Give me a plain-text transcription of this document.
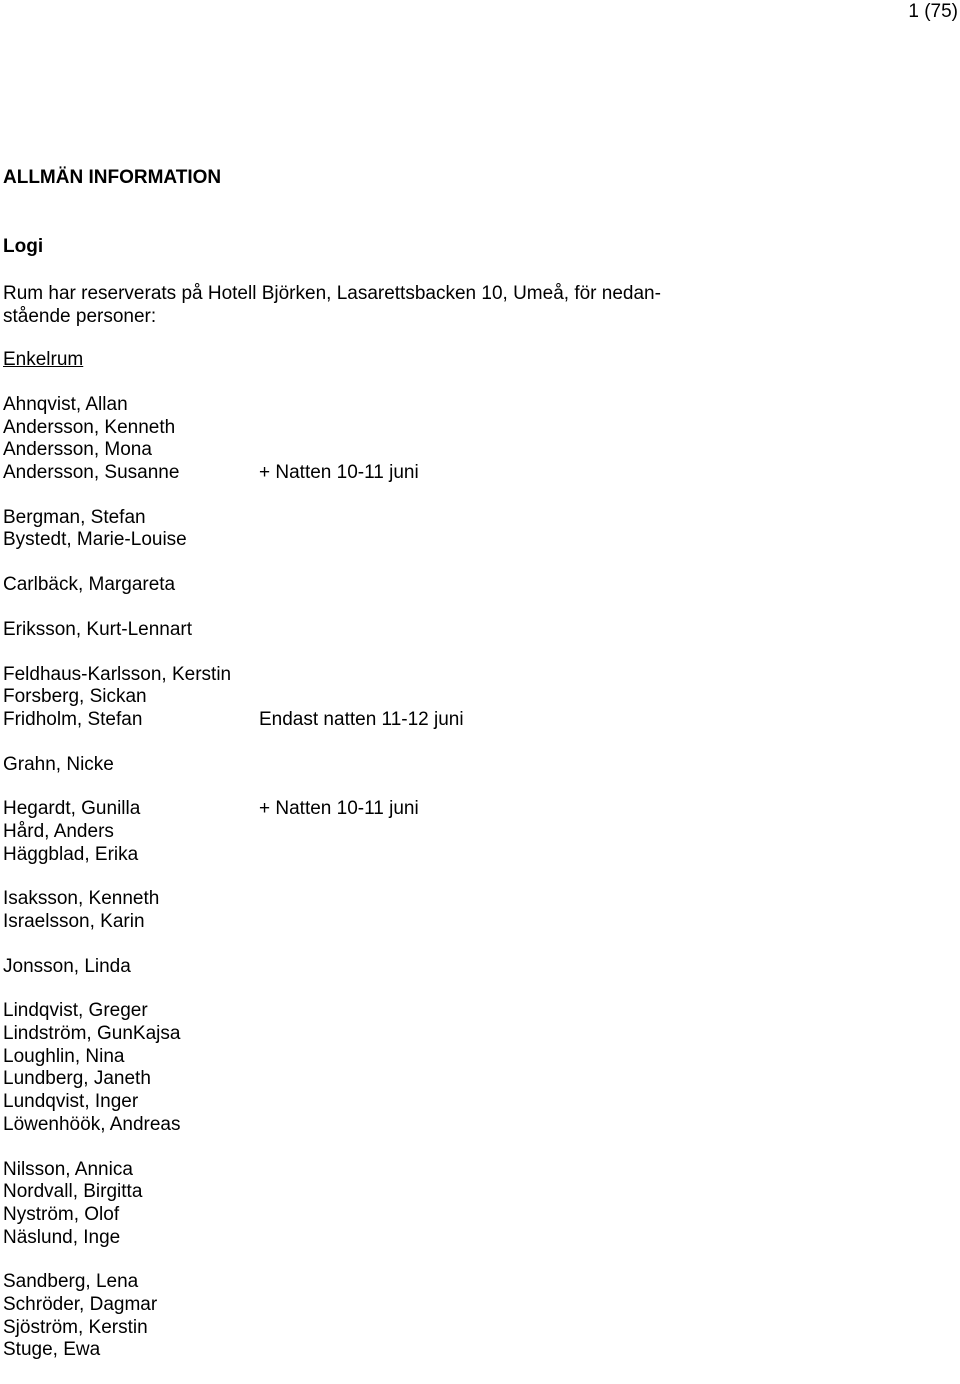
1 (75)
ALLMÄN INFORMATION
Logi
Rum har reserverats på Hotell Björken, Lasarettsbacken 10, Umeå, för nedan-
stående personer:
Enkelrum
Ahnqvist, Allan
Andersson, Kenneth
Andersson, Mona
Andersson, Susanne	+ Natten 10-11 juni
Bergman, Stefan
Bystedt, Marie-Louise
Carlbäck, Margareta
Eriksson, Kurt-Lennart
Feldhaus-Karlsson, Kerstin
Forsberg, Sickan
Fridholm, Stefan	Endast natten 11-12 juni
Grahn, Nicke
Hegardt, Gunilla	+ Natten 10-11 juni
Hård, Anders
Häggblad, Erika
Isaksson, Kenneth
Israelsson, Karin
Jonsson, Linda
Lindqvist, Greger
Lindström, GunKajsa
Loughlin, Nina
Lundberg, Janeth
Lundqvist, Inger
Löwenhöök, Andreas
Nilsson, Annica
Nordvall, Birgitta
Nyström, Olof
Näslund, Inge
Sandberg, Lena
Schröder, Dagmar
Sjöström, Kerstin
Stuge, Ewa
